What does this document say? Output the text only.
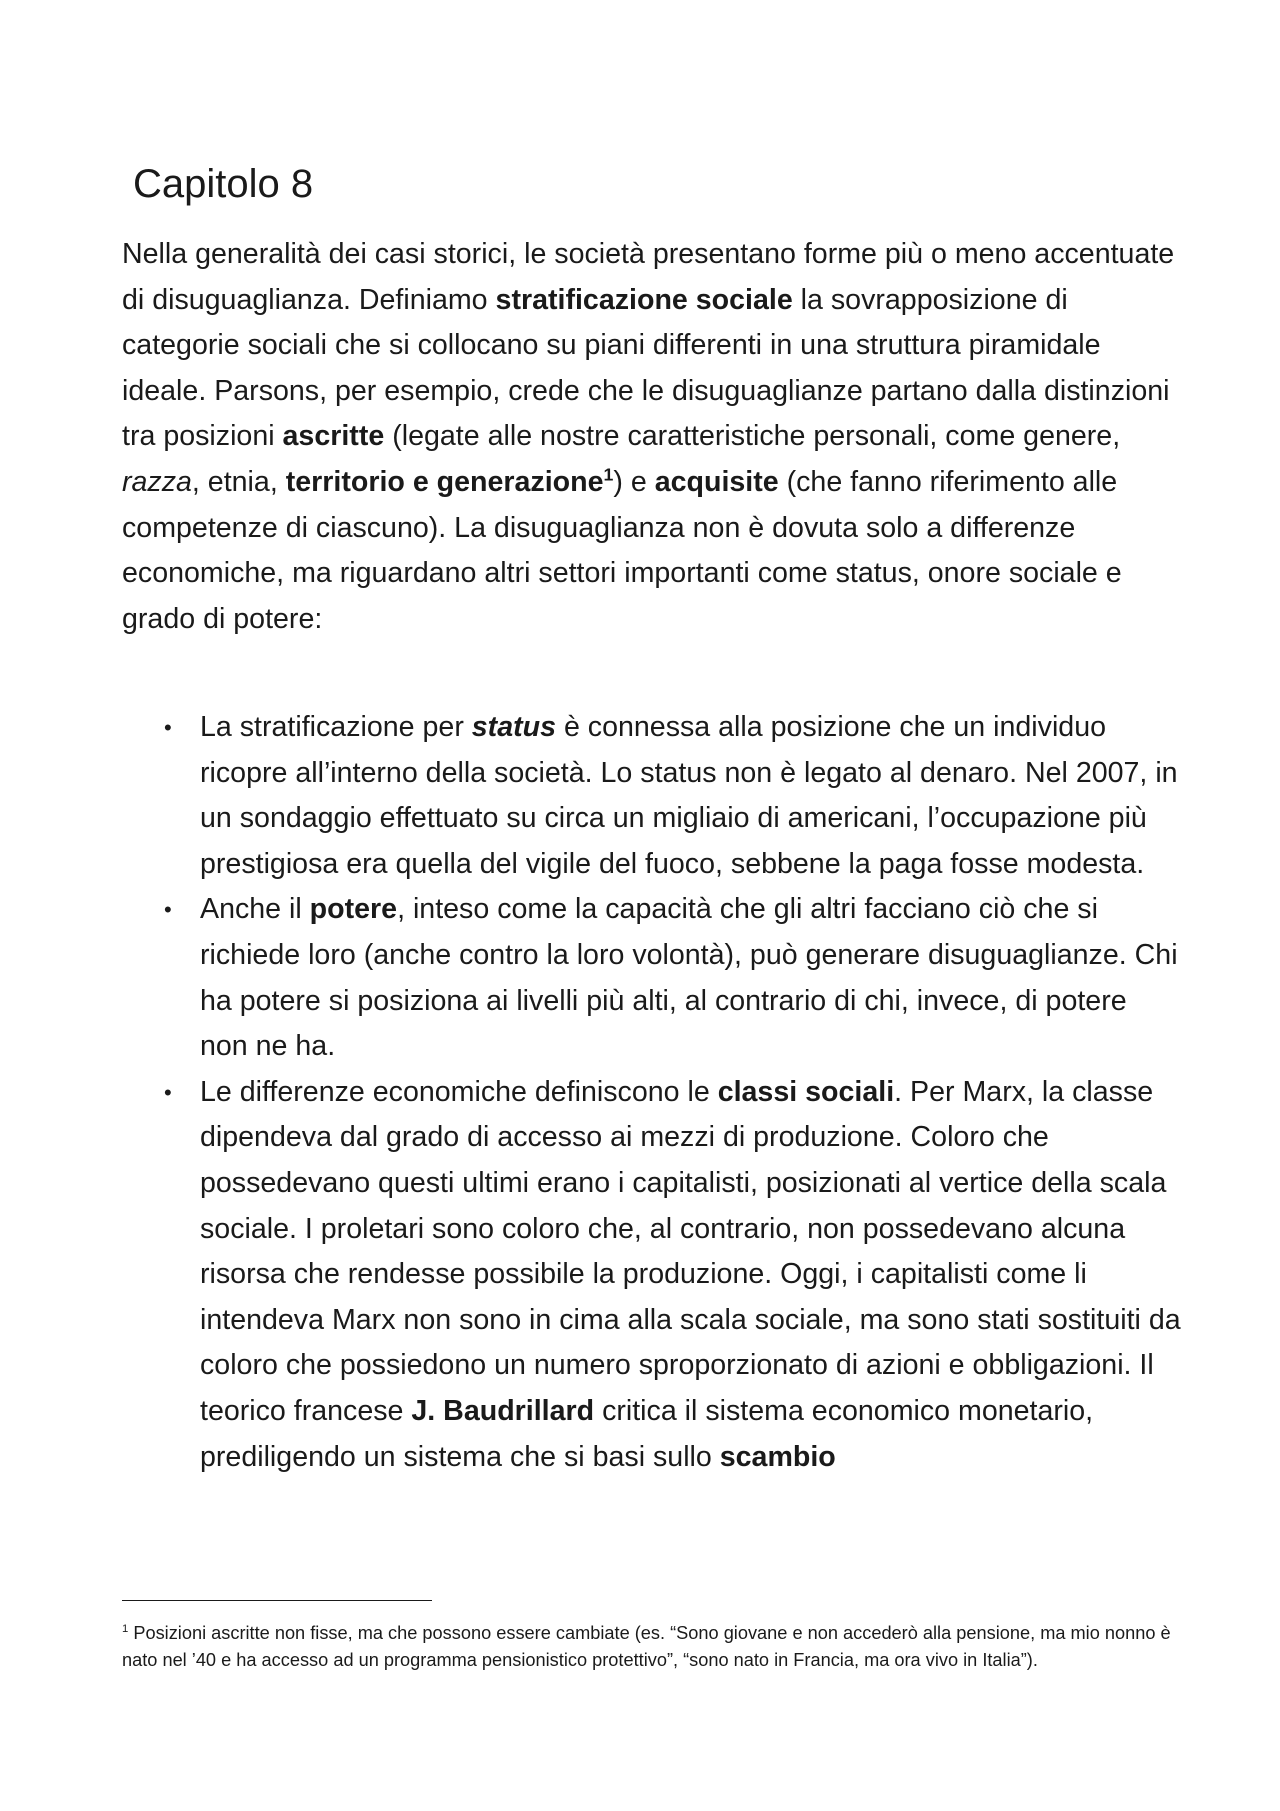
Capitolo 8

Nella generalità dei casi storici, le società presentano forme più o meno accentuate di disuguaglianza. Definiamo stratificazione sociale la sovrapposizione di categorie sociali che si collocano su piani differenti in una struttura piramidale ideale. Parsons, per esempio, crede che le disuguaglianze partano dalla distinzioni tra posizioni ascritte (legate alle nostre caratteristiche personali, come genere, razza, etnia, territorio e generazione$^1$) e acquisite (che fanno riferimento alle competenze di ciascuno). La disuguaglianza non è dovuta solo a differenze economiche, ma riguardano altri settori importanti come status, onore sociale e grado di potere:

• La stratificazione per status è connessa alla posizione che un individuo ricopre all’interno della società. Lo status non è legato al denaro. Nel 2007, in un sondaggio effettuato su circa un migliaio di americani, l’occupazione più prestigiosa era quella del vigile del fuoco, sebbene la paga fosse modesta.
• Anche il potere, inteso come la capacità che gli altri facciano ciò che si richiede loro (anche contro la loro volontà), può generare disuguaglianze. Chi ha potere si posiziona ai livelli più alti, al contrario di chi, invece, di potere non ne ha.
• Le differenze economiche definiscono le classi sociali. Per Marx, la classe dipendeva dal grado di accesso ai mezzi di produzione. Coloro che possedevano questi ultimi erano i capitalisti, posizionati al vertice della scala sociale. I proletari sono coloro che, al contrario, non possedevano alcuna risorsa che rendesse possibile la produzione. Oggi, i capitalisti come li intendeva Marx non sono in cima alla scala sociale, ma sono stati sostituiti da coloro che possiedono un numero sproporzionato di azioni e obbligazioni. Il teorico francese J. Baudrillard critica il sistema economico monetario, prediligendo un sistema che si basi sullo scambio

$^1$ Posizioni ascritte non fisse, ma che possono essere cambiate (es. “Sono giovane e non accederò alla pensione, ma mio nonno è nato nel ’40 e ha accesso ad un programma pensionistico protettivo”, “sono nato in Francia, ma ora vivo in Italia”).
